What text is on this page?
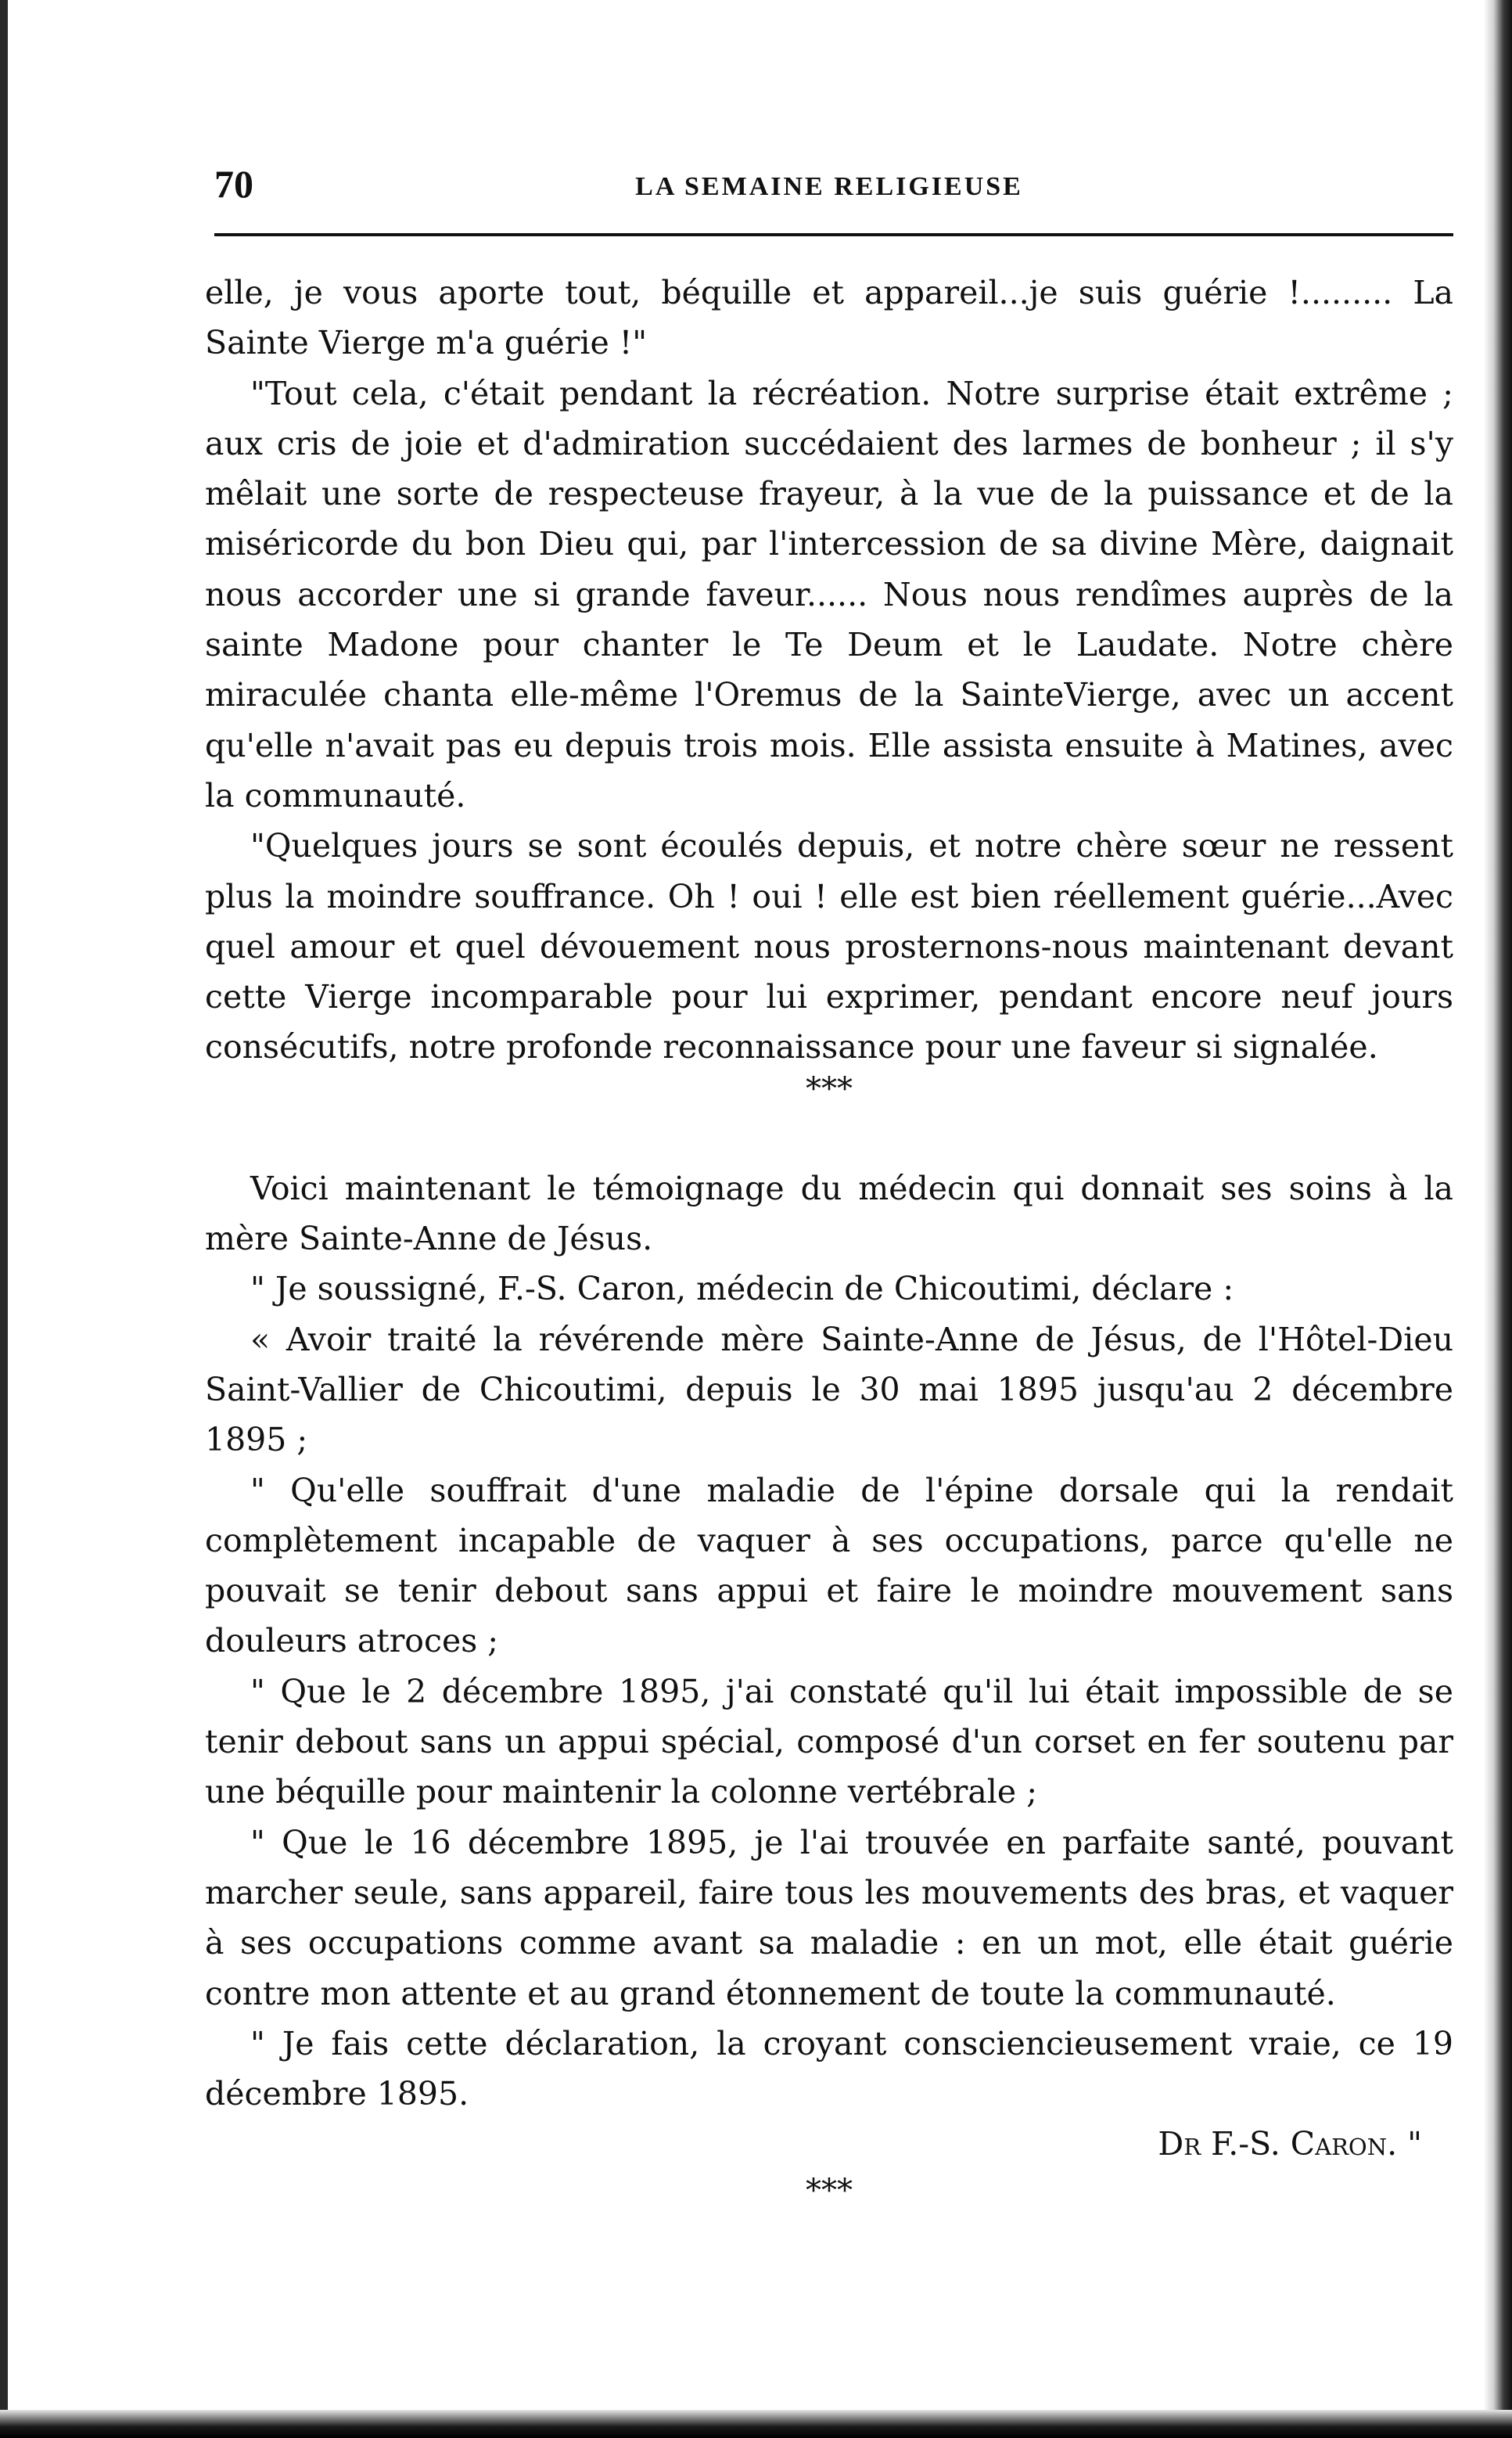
70	LA SEMAINE RELIGIEUSE

elle, je vous aporte tout, béquille et appareil...je suis guérie !......... La Sainte Vierge m'a guérie !"

"Tout cela, c'était pendant la récréation. Notre surprise était extrême ; aux cris de joie et d'admiration succédaient des larmes de bonheur ; il s'y mêlait une sorte de respecteuse frayeur, à la vue de la puissance et de la miséricorde du bon Dieu qui, par l'intercession de sa divine Mère, daignait nous accorder une si grande faveur...... Nous nous rendîmes auprès de la sainte Madone pour chanter le Te Deum et le Laudate. Notre chère miraculée chanta elle-même l'Oremus de la SainteVierge, avec un accent qu'elle n'avait pas eu depuis trois mois. Elle assista ensuite à Matines, avec la communauté.

"Quelques jours se sont écoulés depuis, et notre chère sœur ne ressent plus la moindre souffrance. Oh ! oui ! elle est bien réellement guérie...Avec quel amour et quel dévouement nous prosternons-nous maintenant devant cette Vierge incomparable pour lui exprimer, pendant encore neuf jours consécutifs, notre profonde reconnaissance pour une faveur si signalée.

***

Voici maintenant le témoignage du médecin qui donnait ses soins à la mère Sainte-Anne de Jésus.

" Je soussigné, F.-S. Caron, médecin de Chicoutimi, déclare :

« Avoir traité la révérende mère Sainte-Anne de Jésus, de l'Hôtel-Dieu Saint-Vallier de Chicoutimi, depuis le 30 mai 1895 jusqu'au 2 décembre 1895 ;

" Qu'elle souffrait d'une maladie de l'épine dorsale qui la rendait complètement incapable de vaquer à ses occupations, parce qu'elle ne pouvait se tenir debout sans appui et faire le moindre mouvement sans douleurs atroces ;

" Que le 2 décembre 1895, j'ai constaté qu'il lui était impossible de se tenir debout sans un appui spécial, composé d'un corset en fer soutenu par une béquille pour maintenir la colonne vertébrale ;

" Que le 16 décembre 1895, je l'ai trouvée en parfaite santé, pouvant marcher seule, sans appareil, faire tous les mouvements des bras, et vaquer à ses occupations comme avant sa maladie : en un mot, elle était guérie contre mon attente et au grand étonnement de toute la communauté.

" Je fais cette déclaration, la croyant consciencieusement vraie, ce 19 décembre 1895.

Dr F.-S. Caron. "

***
